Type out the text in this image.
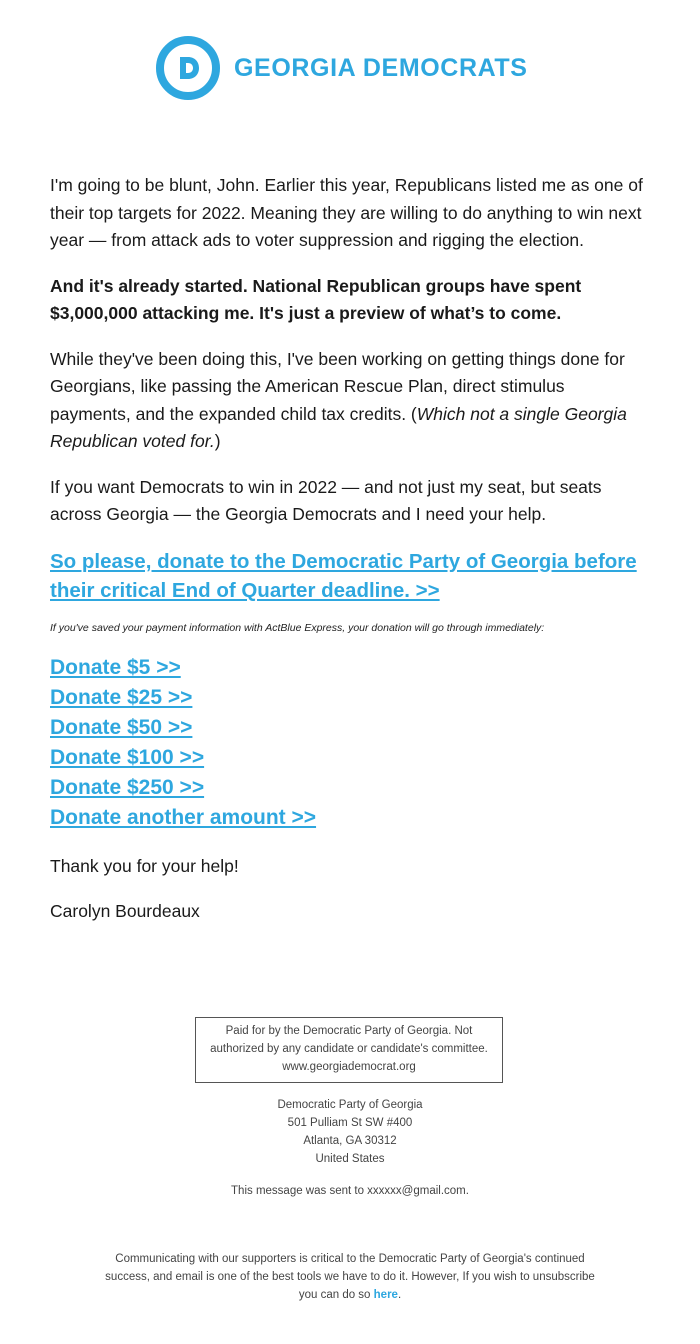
GEORGIA DEMOCRATS

I'm going to be blunt, John. Earlier this year, Republicans listed me as one of their top targets for 2022. Meaning they are willing to do anything to win next year — from attack ads to voter suppression and rigging the election.

And it's already started. National Republican groups have spent $3,000,000 attacking me. It's just a preview of what’s to come.

While they've been doing this, I've been working on getting things done for Georgians, like passing the American Rescue Plan, direct stimulus payments, and the expanded child tax credits. (Which not a single Georgia Republican voted for.)

If you want Democrats to win in 2022 — and not just my seat, but seats across Georgia — the Georgia Democrats and I need your help.

So please, donate to the Democratic Party of Georgia before their critical End of Quarter deadline. >>
If you've saved your payment information with ActBlue Express, your donation will go through immediately:
Donate $5 >>
Donate $25 >>
Donate $50 >>
Donate $100 >>
Donate $250 >>
Donate another amount >>

Thank you for your help!

Carolyn Bourdeaux

Paid for by the Democratic Party of Georgia. Not
authorized by any candidate or candidate's committee.
www.georgiademocrat.org
Democratic Party of Georgia
501 Pulliam St SW #400
Atlanta, GA 30312
United States
This message was sent to xxxxxx@gmail.com.
Communicating with our supporters is critical to the Democratic Party of Georgia's continued success, and email is one of the best tools we have to do it. However, If you wish to unsubscribe you can do so here.
